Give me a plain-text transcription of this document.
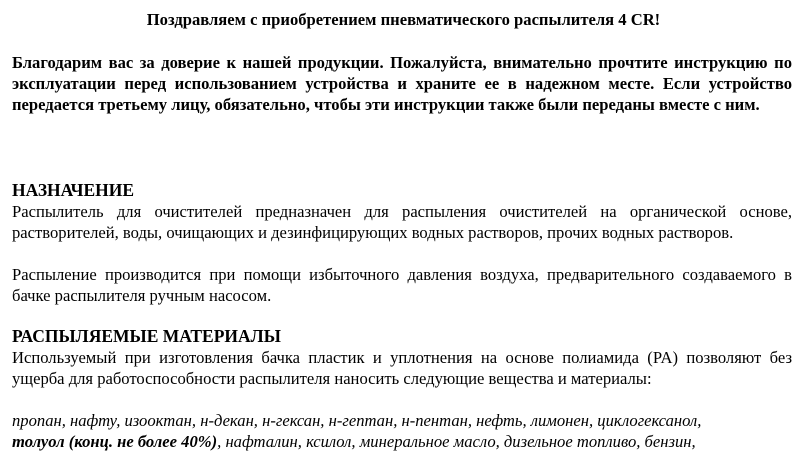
Поздравляем с приобретением пневматического распылителя 4 CR!

Благодарим вас за доверие к нашей продукции. Пожалуйста, внимательно прочтите инструкцию по эксплуатации перед использованием устройства и храните ее в надежном месте. Если устройство передается третьему лицу, обязательно, чтобы эти инструкции также были переданы вместе с ним.

НАЗНАЧЕНИЕ

Распылитель для очистителей предназначен для распыления очистителей на органической основе, растворителей, воды, очищающих и дезинфицирующих водных растворов, прочих водных растворов.

Распыление производится при помощи избыточного давления воздуха, предварительного создаваемого в бачке распылителя ручным насосом.

РАСПЫЛЯЕМЫЕ МАТЕРИАЛЫ

Используемый при изготовления бачка пластик и уплотнения на основе полиамида (PA) позволяют без ущерба для работоспособности распылителя наносить следующие вещества и материалы:

пропан, нафту, изооктан, н-декан, н-гексан, н-гептан, н-пентан, нефть, лимонен, циклогексанол,

толуол (конц. не более 40%), нафталин, ксилол, минеральное масло, дизельное топливо, бензин,
